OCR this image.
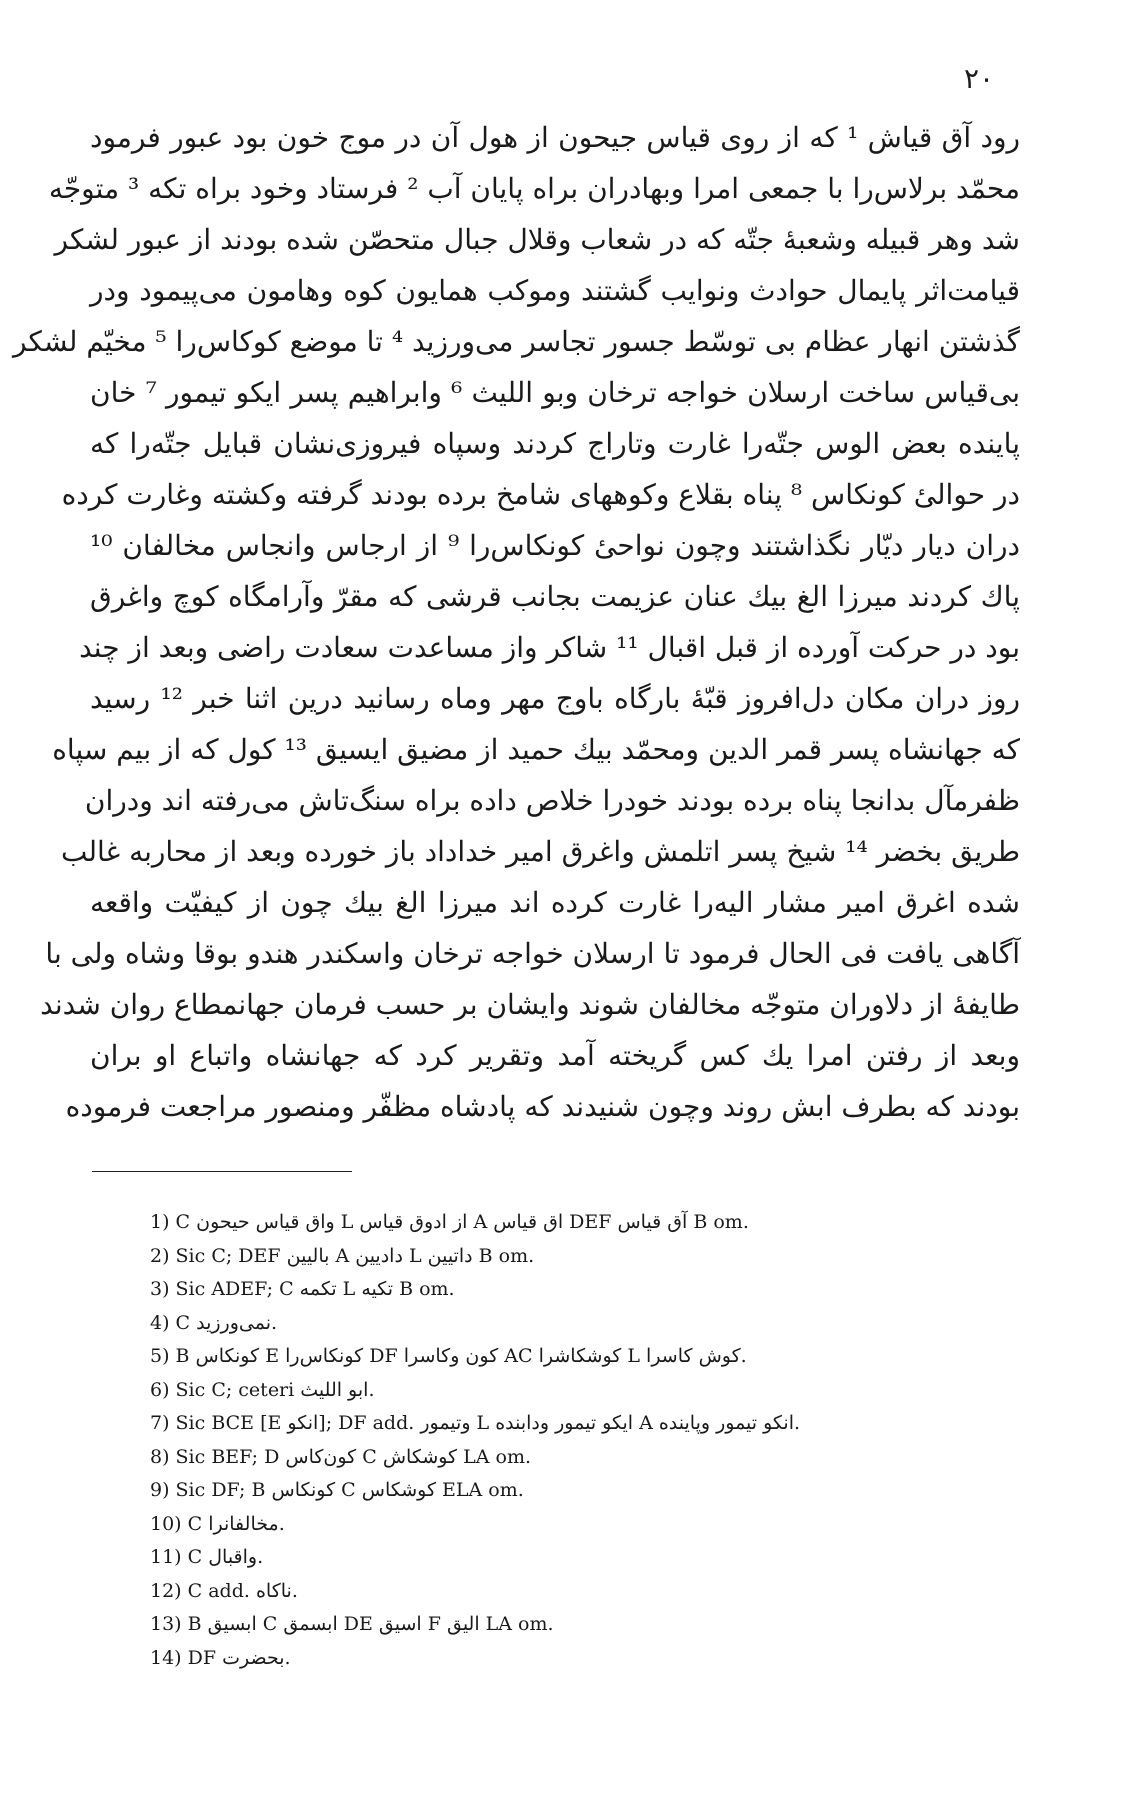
۲۰
رود آق قیاش ¹ که از روی قیاس جیحون از هول آن در موج خون بود عبور فرمود
محمّد برلاس‌را با جمعی امرا وبهادران براه پایان آب ² فرستاد وخود براه تکه ³ متوجّه
شد وهر قبیله وشعبهٔ جتّه که در شعاب وقلال جبال متحصّن شده بودند از عبور لشکر
قیامت‌اثر پایمال حوادث ونوایب گشتند وموکب همایون کوه وهامون می‌پیمود ودر
گذشتن انهار عظام بی توسّط جسور تجاسر می‌ورزید ⁴ تا موضع کوکاس‌را ⁵ مخیّم لشکر
بی‌قیاس ساخت ارسلان خواجه ترخان وبو اللیث ⁶ وابراهیم پسر ایکو تیمور ⁷ خان
پاینده بعض الوس جتّه‌را غارت وتاراج کردند وسپاه فیروزی‌نشان قبایل جتّه‌را که
در حوالیٔ کونکاس ⁸ پناه بقلاع وکوههای شامخ برده بودند گرفته وکشته وغارت کرده
دران دیار دیّار نگذاشتند وچون نواحیٔ کونکاس‌را ⁹ از ارجاس وانجاس مخالفان ¹⁰
پاك کردند میرزا الغ بیك عنان عزیمت بجانب قرشی که مقرّ وآرامگاه کوچ واغرق
بود در حرکت آورده از قبل اقبال ¹¹ شاکر واز مساعدت سعادت راضی وبعد از چند
روز دران مکان دل‌افروز قبّهٔ بارگاه باوج مهر وماه رسانید درین اثنا خبر ¹² رسید
که جهانشاه پسر قمر الدین ومحمّد بیك حمید از مضیق ایسیق ¹³ کول که از بیم سپاه
ظفرمآل بدانجا پناه برده بودند خودرا خلاص داده براه سنگ‌تاش می‌رفته اند ودران
طریق بخضر ¹⁴ شیخ پسر اتلمش واغرق امیر خداداد باز خورده وبعد از محاربه غالب
شده اغرق امیر مشار الیه‌را غارت کرده اند میرزا الغ بیك چون از کیفیّت واقعه
آگاهی یافت فی الحال فرمود تا ارسلان خواجه ترخان واسکندر هندو بوقا وشاه ولی با
طایفهٔ از دلاوران متوجّه مخالفان شوند وایشان بر حسب فرمان جهانمطاع روان شدند
وبعد از رفتن امرا یك کس گریخته آمد وتقریر کرد که جهانشاه واتباع او بران
بودند که بطرف ابش روند وچون شنیدند که پادشاه مظفّر ومنصور مراجعت فرموده
1) C واق قیاس حیحون L از ادوق قیاس A اق قیاس DEF آق قیاس B om.
2) Sic C; DEF بالیین A دادیین L داتیین B om.
3) Sic ADEF; C تکمه L تکیه B om.
4) C نمی‌ورزید.
5) B کونکاس E کونکاس‌را DF کون وکاسرا AC کوشکاشرا L کوش کاسرا.
6) Sic C; ceteri ابو اللیث.
7) Sic BCE [E انکو]; DF add. وتیمور L ایکو تیمور ودابنده A انکو تیمور وپاینده.
8) Sic BEF; D کون‌کاس C کوشکاش LA om.
9) Sic DF; B کونکاس C کوشکاس ELA om.
10) C مخالفانرا.
11) C واقبال.
12) C add. ناکاه.
13) B ابسیق C ابسمق DE اسیق F الیق LA om.
14) DF بحضرت.
